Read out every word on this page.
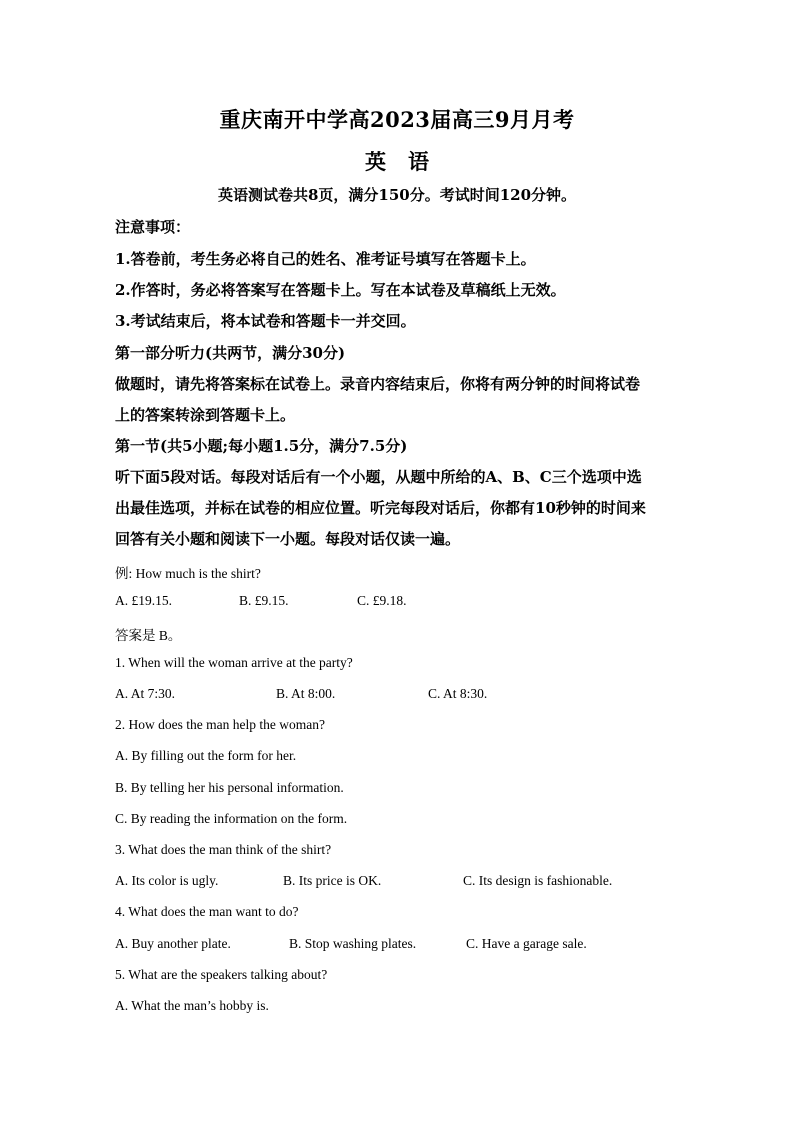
重庆南开中学高2023届高三9月月考
英 语
英语测试卷共8页，满分150分。考试时间120分钟。
注意事项：
1.答卷前，考生务必将自己的姓名、准考证号填写在答题卡上。
2.作答时，务必将答案写在答题卡上。写在本试卷及草稿纸上无效。
3.考试结束后，将本试卷和答题卡一并交回。
第一部分听力(共两节，满分30分)
做题时，请先将答案标在试卷上。录音内容结束后，你将有两分钟的时间将试卷
上的答案转涂到答题卡上。
第一节(共5小题;每小题1.5分，满分7.5分)
听下面5段对话。每段对话后有一个小题，从题中所给的A、B、C三个选项中选
出最佳选项，并标在试卷的相应位置。听完每段对话后，你都有10秒钟的时间来
回答有关小题和阅读下一小题。每段对话仅读一遍。
例: How much is the shirt?
A. £19.15.	B. £9.15.	C. £9.18.
答案是 B。
1. When will the woman arrive at the party?
A. At 7:30.	B. At 8:00.	C. At 8:30.
2. How does the man help the woman?
A. By filling out the form for her.
B. By telling her his personal information.
C. By reading the information on the form.
3. What does the man think of the shirt?
A. Its color is ugly.	B. Its price is OK.	C. Its design is fashionable.
4. What does the man want to do?
A. Buy another plate.	B. Stop washing plates.	C. Have a garage sale.
5. What are the speakers talking about?
A. What the man’s hobby is.
